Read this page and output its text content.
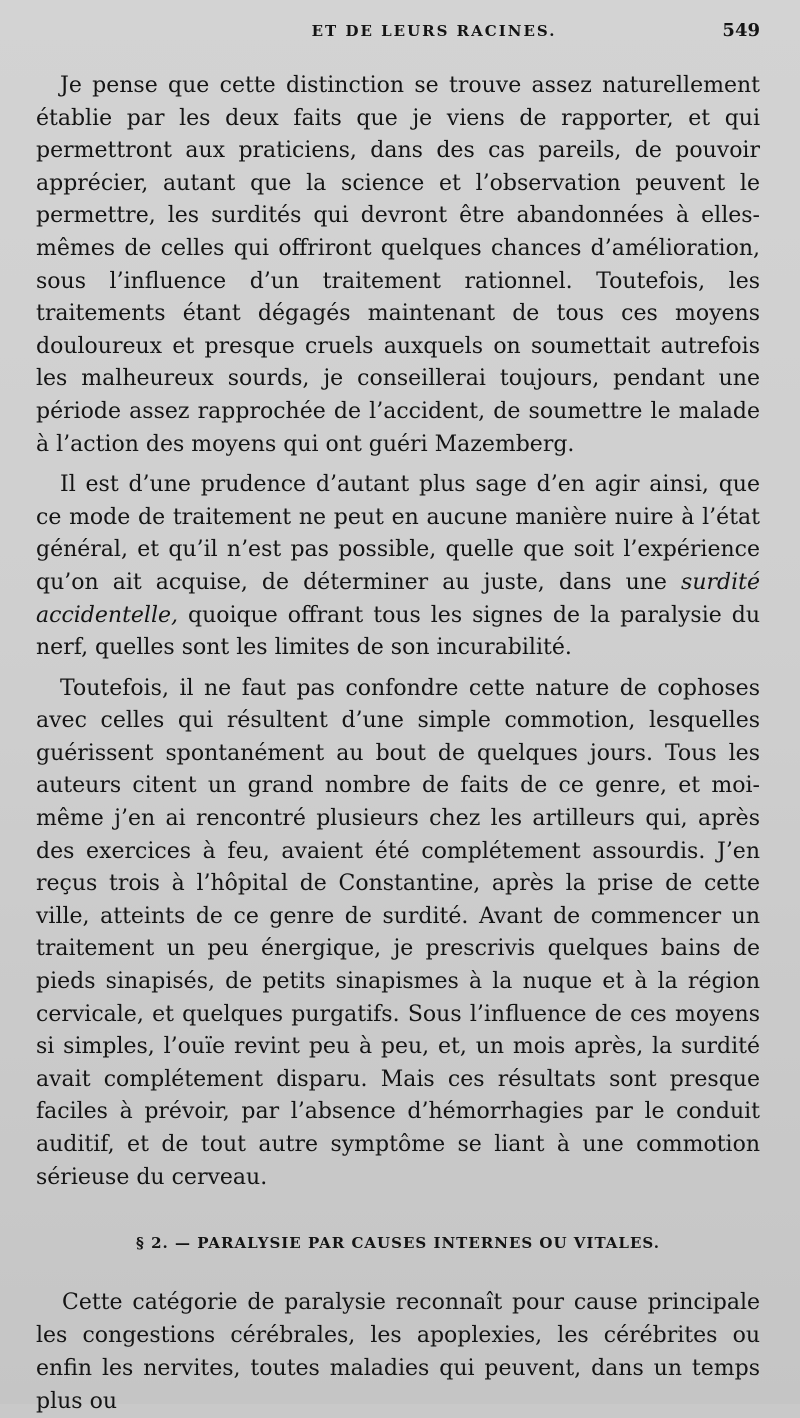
ET DE LEURS RACINES.	549

Je pense que cette distinction se trouve assez naturellement établie par les deux faits que je viens de rapporter, et qui permettront aux praticiens, dans des cas pareils, de pouvoir apprécier, autant que la science et l’observation peuvent le permettre, les surdités qui devront être abandonnées à elles-mêmes de celles qui offriront quelques chances d’amélioration, sous l’influence d’un traitement rationnel. Toutefois, les traitements étant dégagés maintenant de tous ces moyens douloureux et presque cruels auxquels on soumettait autrefois les malheureux sourds, je conseillerai toujours, pendant une période assez rapprochée de l’accident, de soumettre le malade à l’action des moyens qui ont guéri Mazemberg.

Il est d’une prudence d’autant plus sage d’en agir ainsi, que ce mode de traitement ne peut en aucune manière nuire à l’état général, et qu’il n’est pas possible, quelle que soit l’expérience qu’on ait acquise, de déterminer au juste, dans une surdité accidentelle, quoique offrant tous les signes de la paralysie du nerf, quelles sont les limites de son incurabilité.

Toutefois, il ne faut pas confondre cette nature de cophoses avec celles qui résultent d’une simple commotion, lesquelles guérissent spontanément au bout de quelques jours. Tous les auteurs citent un grand nombre de faits de ce genre, et moi-même j’en ai rencontré plusieurs chez les artilleurs qui, après des exercices à feu, avaient été complétement assourdis. J’en reçus trois à l’hôpital de Constantine, après la prise de cette ville, atteints de ce genre de surdité. Avant de commencer un traitement un peu énergique, je prescrivis quelques bains de pieds sinapisés, de petits sinapismes à la nuque et à la région cervicale, et quelques purgatifs. Sous l’influence de ces moyens si simples, l’ouïe revint peu à peu, et, un mois après, la surdité avait complétement disparu. Mais ces résultats sont presque faciles à prévoir, par l’absence d’hémorrhagies par le conduit auditif, et de tout autre symptôme se liant à une commotion sérieuse du cerveau.

§ 2. — PARALYSIE PAR CAUSES INTERNES OU VITALES.

Cette catégorie de paralysie reconnaît pour cause principale les congestions cérébrales, les apoplexies, les cérébrites ou enfin les nervites, toutes maladies qui peuvent, dans un temps plus ou
